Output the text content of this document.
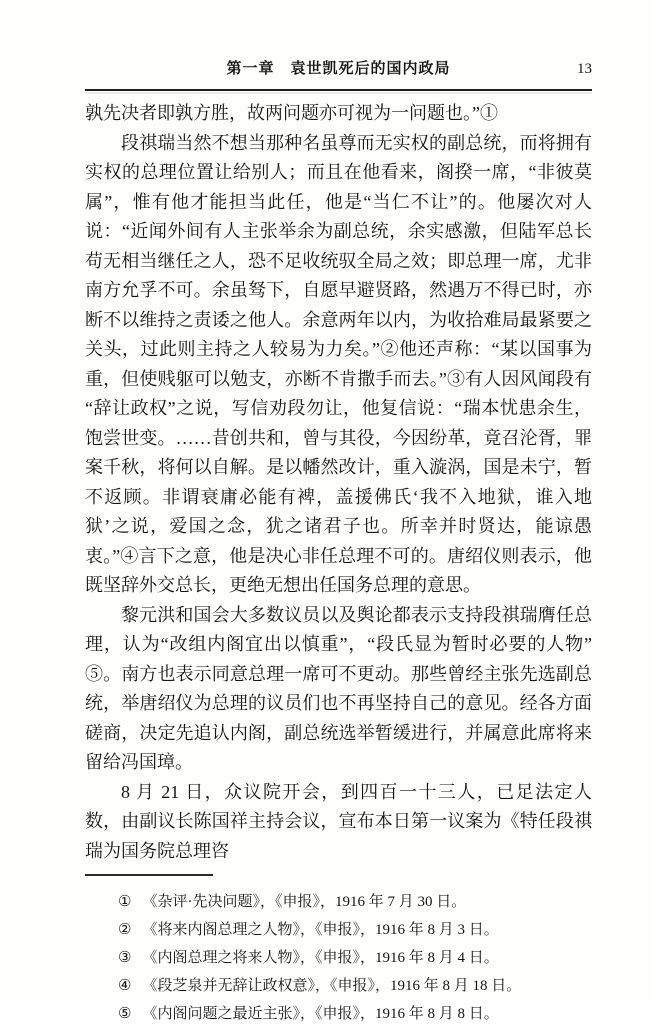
第一章　袁世凯死后的国内政局	13

孰先决者即孰方胜，故两问题亦可视为一问题也。”①

段祺瑞当然不想当那种名虽尊而无实权的副总统，而将拥有实权的总理位置让给别人；而且在他看来，阁揆一席，“非彼莫属”，惟有他才能担当此任，他是“当仁不让”的。他屡次对人说：“近闻外间有人主张举余为副总统，余实感激，但陆军总长苟无相当继任之人，恐不足收统驭全局之效；即总理一席，尤非南方允孚不可。余虽驽下，自愿早避贤路，然遇万不得已时，亦断不以维持之责诿之他人。余意两年以内，为收拾难局最紧要之关头，过此则主持之人较易为力矣。”②他还声称：“某以国事为重，但使贱躯可以勉支，亦断不肯撒手而去。”③有人因风闻段有“辞让政权”之说，写信劝段勿让，他复信说：“瑞本忧患余生，饱尝世变。……昔创共和，曾与其役，今因纷革，竟召沦胥，罪案千秋，将何以自解。是以幡然改计，重入漩涡，国是未宁，暂不返顾。非谓衰庸必能有裨，盖援佛氏‘我不入地狱，谁入地狱’之说，爱国之念，犹之诸君子也。所幸并时贤达，能谅愚衷。”④言下之意，他是决心非任总理不可的。唐绍仪则表示，他既坚辞外交总长，更绝无想出任国务总理的意思。

黎元洪和国会大多数议员以及舆论都表示支持段祺瑞膺任总理，认为“改组内阁宜出以慎重”，“段氏显为暂时必要的人物”⑤。南方也表示同意总理一席可不更动。那些曾经主张先选副总统，举唐绍仪为总理的议员们也不再坚持自己的意见。经各方面磋商，决定先追认内阁，副总统选举暂缓进行，并属意此席将来留给冯国璋。

8 月 21 日，众议院开会，到四百一十三人，已足法定人数，由副议长陈国祥主持会议，宣布本日第一议案为《特任段祺瑞为国务院总理咨

① 《杂评·先决问题》，《申报》，1916 年 7 月 30 日。
② 《将来内阁总理之人物》，《申报》，1916 年 8 月 3 日。
③ 《内阁总理之将来人物》，《申报》，1916 年 8 月 4 日。
④ 《段芝泉并无辞让政权意》，《申报》，1916 年 8 月 18 日。
⑤ 《内阁问题之最近主张》，《申报》，1916 年 8 月 8 日。
